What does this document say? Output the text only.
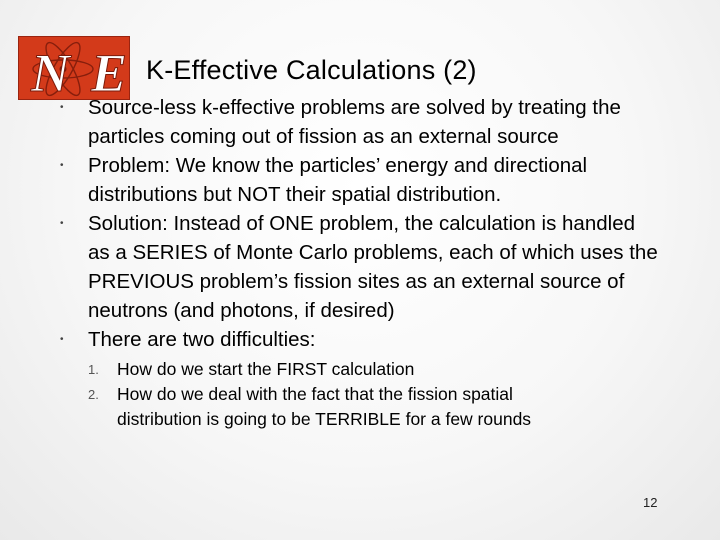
NE K-Effective Calculations (2)
• Source-less k-effective problems are solved by treating the particles coming out of fission as an external source
• Problem: We know the particles’ energy and directional distributions but NOT their spatial distribution.
• Solution: Instead of ONE problem, the calculation is handled as a SERIES of Monte Carlo problems, each of which uses the PREVIOUS problem’s fission sites as an external source of neutrons (and photons, if desired)
• There are two difficulties:
1. How do we start the FIRST calculation
2. How do we deal with the fact that the fission spatial distribution is going to be TERRIBLE for a few rounds
12
